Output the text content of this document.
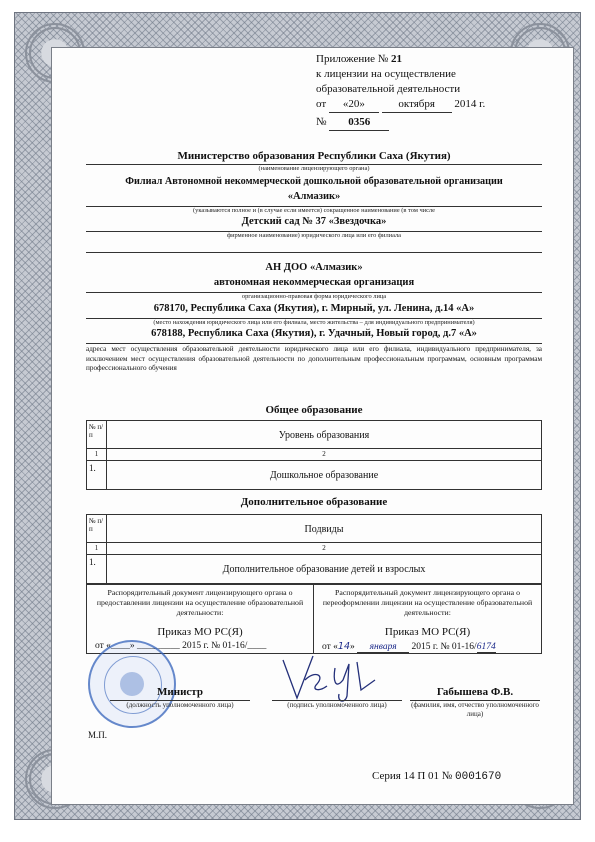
Приложение № 21
к лицензии на осуществление
образовательной деятельности
от «20»	октября 2014 г.
№ 0356
Министерство образования Республики Саха (Якутия)
(наименование лицензирующего органа)
Филиал Автономной некоммерческой дошкольной образовательной организации
«Алмазик»
(указываются полное и (в случае если имеется) сокращенное наименование (в том числе
Детский сад № 37 «Звездочка»
фирменное наименование) юридического лица или его филиала
АН ДОО «Алмазик»
автономная некоммерческая организация
организационно-правовая форма юридического лица
678170, Республика Саха (Якутия), г. Мирный, ул. Ленина, д.14 «А»
(место нахождения юридического лица или его филиала, место жительства – для индивидуального предпринимателя)
678188, Республика Саха (Якутия), г. Удачный, Новый город, д.7 «А»
адреса мест осуществления образовательной деятельности юридического лица или его филиала, индивидуального предпринимателя, за исключением мест осуществления образовательной деятельности по дополнительным профессиональным программам, основным программам профессионального обучения
Общее образование
№ п/п	Уровень образования
1	2
1.
Дошкольное образование
Дополнительное образование
№ п/п	Подвиды
1	2
1.
Дополнительное образование детей и взрослых
Распорядительный документ лицензирующего органа о предоставлении лицензии на осуществление образовательной деятельности:
Приказ МО РС(Я)
от «____» _________ 2015 г. № 01-16/____
Распорядительный документ лицензирующего органа о переоформлении лицензии на осуществление образовательной деятельности:
Приказ МО РС(Я)
от «14» января 2015 г. № 01-16/6174
Министр
(должность уполномоченного лица)	(подпись уполномоченного лица)
Габышева Ф.В.
(фамилия, имя, отчество уполномоченного лица)
М.П.
Серия 14 П 01 № 0001670
